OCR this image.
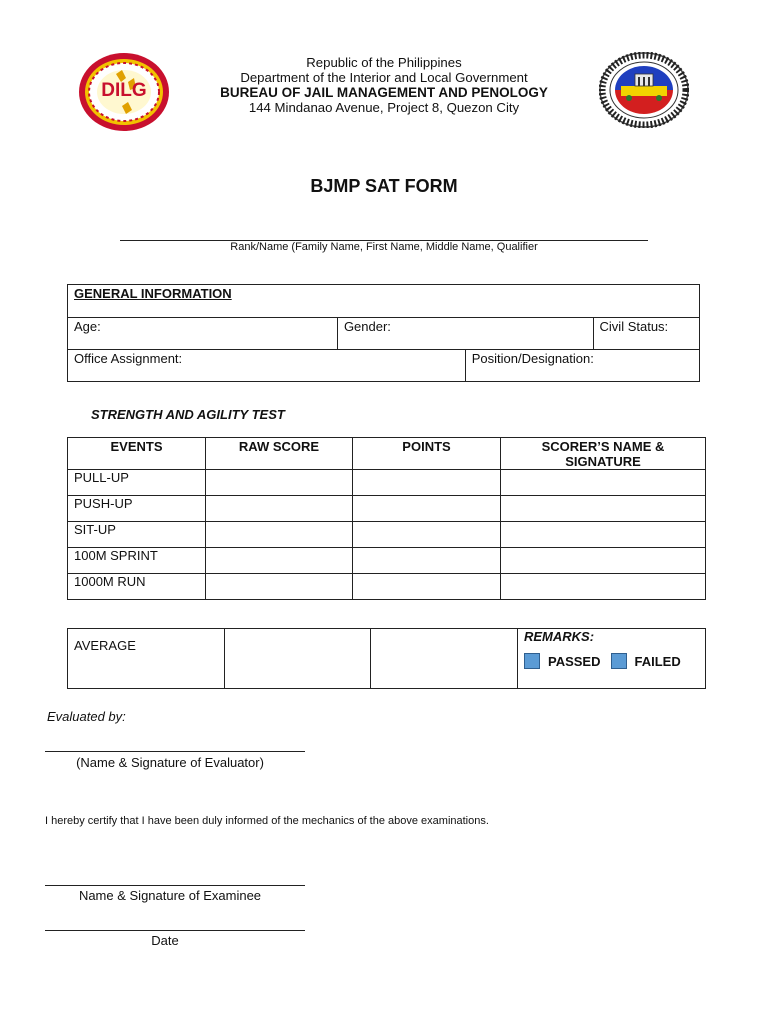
DILG
Republic of the Philippines
Department of the Interior and Local Government
BUREAU OF JAIL MANAGEMENT AND PENOLOGY
144 Mindanao Avenue, Project 8, Quezon City
BJMP SAT FORM
Rank/Name (Family Name, First Name, Middle Name, Qualifier
GENERAL INFORMATION			
Age:	Gender:		Civil Status:
Office Assignment:		Position/Designation:	
STRENGTH AND AGILITY TEST
EVENTS	RAW SCORE	POINTS	SCORER’S NAME & SIGNATURE
PULL-UP			
PUSH-UP			
SIT-UP			
100M SPRINT			
1000M RUN			
AVERAGE			
REMARKS:
PASSED	FAILED
Evaluated by:
(Name & Signature of Evaluator)
I hereby certify that I have been duly informed of the mechanics of the above examinations.
Name & Signature of Examinee
Date
